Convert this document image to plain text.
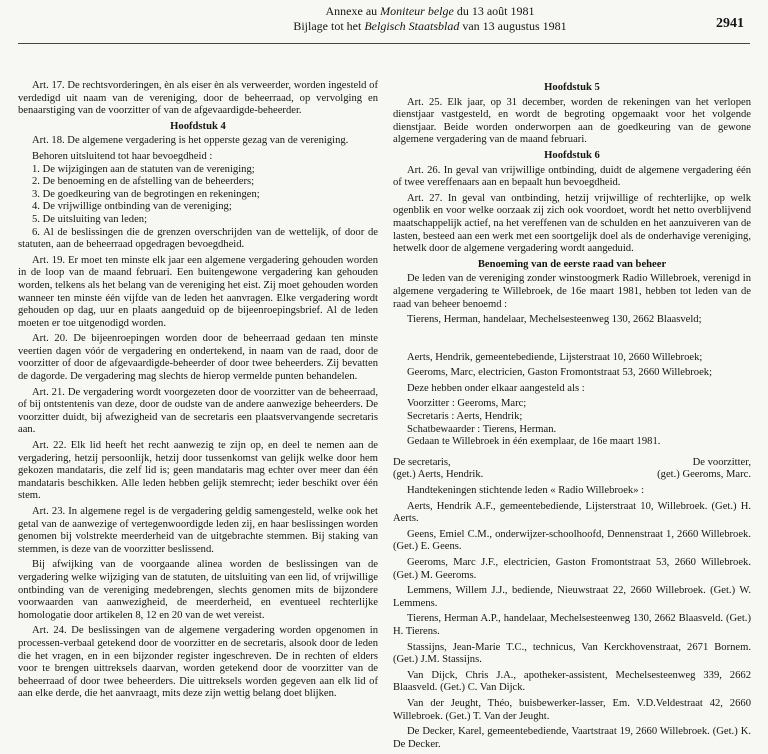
Annexe au Moniteur belge du 13 août 1981
Bijlage tot het Belgisch Staatsblad van 13 augustus 1981	2941

Art. 17. De rechtsvorderingen, èn als eiser èn als verweerder, worden ingesteld of verdedigd uit naam van de vereniging, door de beheerraad, op vervolging en benaarstiging van de voorzitter of van de afgevaardigde-beheerder.

Hoofdstuk 4

Art. 18. De algemene vergadering is het opperste gezag van de vereniging.

Behoren uitsluitend tot haar bevoegdheid :

1. De wijzigingen aan de statuten van de vereniging;

2. De benoeming en de afstelling van de beheerders;

3. De goedkeuring van de begrotingen en rekeningen;

4. De vrijwillige ontbinding van de vereniging;

5. De uitsluiting van leden;

6. Al de beslissingen die de grenzen overschrijden van de wettelijk, of door de statuten, aan de beheerraad opgedragen bevoegdheid.

Art. 19. Er moet ten minste elk jaar een algemene vergadering gehouden worden in de loop van de maand februari. Een buitengewone vergadering kan gehouden worden, telkens als het belang van de vereniging het eist. Zij moet gehouden worden wanneer ten minste één vijfde van de leden het aanvragen. Elke vergadering wordt gehouden op dag, uur en plaats aangeduid op de bijeenroepingsbrief. Al de leden moeten er toe uitgenodigd worden.

Art. 20. De bijeenroepingen worden door de beheerraad gedaan ten minste veertien dagen vóór de vergadering en ondertekend, in naam van de raad, door de voorzitter of door de afgevaardigde-beheerder of door twee beheerders. Zij bevatten de dagorde. De vergadering mag slechts de hierop vermelde punten behandelen.

Art. 21. De vergadering wordt voorgezeten door de voorzitter van de beheerraad, of bij ontstentenis van deze, door de oudste van de andere aanwezige beheerders. De voorzitter duidt, bij afwezigheid van de secretaris een plaatsvervangende secretaris aan.

Art. 22. Elk lid heeft het recht aanwezig te zijn op, en deel te nemen aan de vergadering, hetzij persoonlijk, hetzij door tussenkomst van gelijk welke door hem gekozen mandataris, die zelf lid is; geen mandataris mag echter over meer dan één mandataris beschikken. Alle leden hebben gelijk stemrecht; ieder beschikt over één stem.

Art. 23. In algemene regel is de vergadering geldig samengesteld, welke ook het getal van de aanwezige of vertegenwoordigde leden zij, en haar beslissingen worden genomen bij volstrekte meerderheid van de uitgebrachte stemmen. Bij staking van stemmen, is deze van de voorzitter beslissend.

Bij afwijking van de voorgaande alinea worden de beslissingen van de vergadering welke wijziging van de statuten, de uitsluiting van een lid, of vrijwillige ontbinding van de vereniging medebrengen, slechts genomen mits de bijzondere voorwaarden van aanwezigheid, de meerderheid, en eventueel rechterlijke homologatie door artikelen 8, 12 en 20 van de wet vereist.

Art. 24. De beslissingen van de algemene vergadering worden opgenomen in processen-verbaal getekend door de voorzitter en de secretaris, alsook door de leden die het vragen, en in een bijzonder register ingeschreven. De in rechten of elders voor te brengen uittreksels daarvan, worden getekend door de voorzitter van de beheerraad of door twee beheerders. Die uittreksels worden gegeven aan elk lid of aan elke derde, die het aanvraagt, mits deze zijn wettig belang doet blijken.

Hoofdstuk 5

Art. 25. Elk jaar, op 31 december, worden de rekeningen van het verlopen dienstjaar vastgesteld, en wordt de begroting opgemaakt voor het volgende dienstjaar. Beide worden onderworpen aan de goedkeuring van de gewone algemene vergadering van de maand februari.

Hoofdstuk 6

Art. 26. In geval van vrijwillige ontbinding, duidt de algemene vergadering één of twee vereffenaars aan en bepaalt hun bevoegdheid.

Art. 27. In geval van ontbinding, hetzij vrijwillige of rechterlijke, op welk ogenblik en voor welke oorzaak zij zich ook voordoet, wordt het netto overblijvend maatschappelijk actief, na het vereffenen van de schulden en het aanzuiveren van de lasten, besteed aan een werk met een soortgelijk doel als de onderhavige vereniging, hetwelk door de algemene vergadering wordt aangeduid.

Benoeming van de eerste raad van beheer

De leden van de vereniging zonder winstoogmerk Radio Willebroek, verenigd in algemene vergadering te Willebroek, de 16e maart 1981, hebben tot leden van de raad van beheer benoemd :

Tierens, Herman, handelaar, Mechelsesteenweg 130, 2662 Blaasveld;

Aerts, Hendrik, gemeentebediende, Lijsterstraat 10, 2660 Willebroek;

Geeroms, Marc, electricien, Gaston Fromontstraat 53, 2660 Willebroek;

Deze hebben onder elkaar aangesteld als :

Voorzitter : Geeroms, Marc;

Secretaris : Aerts, Hendrik;

Schatbewaarder : Tierens, Herman.

Gedaan te Willebroek in één exemplaar, de 16e maart 1981.

De secretaris,	De voorzitter,
(get.) Aerts, Hendrik.	(get.) Geeroms, Marc.

Handtekeningen stichtende leden « Radio Willebroek» :

Aerts, Hendrik A.F., gemeentebediende, Lijsterstraat 10, Willebroek. (Get.) H. Aerts.

Geens, Emiel C.M., onderwijzer-schoolhoofd, Dennenstraat 1, 2660 Willebroek. (Get.) E. Geens.

Geeroms, Marc J.F., electricien, Gaston Fromontstraat 53, 2660 Willebroek. (Get.) M. Geeroms.

Lemmens, Willem J.J., bediende, Nieuwstraat 22, 2660 Willebroek. (Get.) W. Lemmens.

Tierens, Herman A.P., handelaar, Mechelsesteenweg 130, 2662 Blaasveld. (Get.) H. Tierens.

Stassijns, Jean-Marie T.C., technicus, Van Kerckhovenstraat, 2671 Bornem. (Get.) J.M. Stassijns.

Van Dijck, Chris J.A., apotheker-assistent, Mechelsesteenweg 339, 2662 Blaasveld. (Get.) C. Van Dijck.

Van der Jeught, Théo, buisbewerker-lasser, Em. V.D.Veldestraat 42, 2660 Willebroek. (Get.) T. Van der Jeught.

De Decker, Karel, gemeentebediende, Vaartstraat 19, 2660 Willebroek. (Get.) K. De Decker.
